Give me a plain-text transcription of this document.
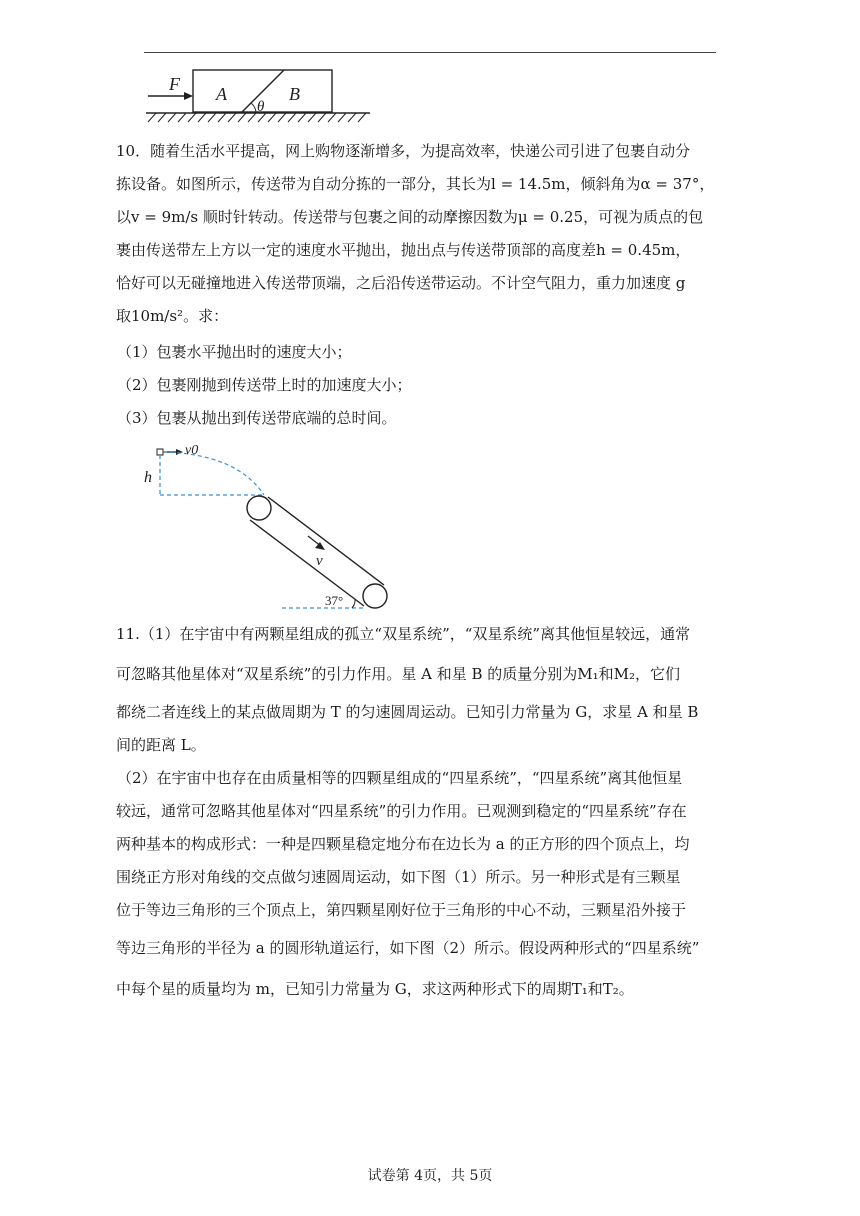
F A	B
θ
10．随着生活水平提高，网上购物逐渐增多，为提高效率，快递公司引进了包裹自动分
拣设备。如图所示，传送带为自动分拣的一部分，其长为l = 14.5m，倾斜角为α = 37°，
以v = 9m/s 顺时针转动。传送带与包裹之间的动摩擦因数为μ = 0.25，可视为质点的包
裹由传送带左上方以一定的速度水平抛出，抛出点与传送带顶部的高度差h = 0.45m，
恰好可以无碰撞地进入传送带顶端，之后沿传送带运动。不计空气阻力，重力加速度 g
取10m/s²。求：
（1）包裹水平抛出时的速度大小；
（2）包裹刚抛到传送带上时的加速度大小；
（3）包裹从抛出到传送带底端的总时间。
v0
h
v
37°
11.（1）在宇宙中有两颗星组成的孤立“双星系统”，“双星系统”离其他恒星较远，通常
可忽略其他星体对“双星系统”的引力作用。星 A 和星 B 的质量分别为M₁和M₂，它们
都绕二者连线上的某点做周期为 T 的匀速圆周运动。已知引力常量为 G，求星 A 和星 B
间的距离 L。
（2）在宇宙中也存在由质量相等的四颗星组成的“四星系统”，“四星系统”离其他恒星
较远，通常可忽略其他星体对“四星系统”的引力作用。已观测到稳定的“四星系统”存在
两种基本的构成形式：一种是四颗星稳定地分布在边长为 a 的正方形的四个顶点上，均
围绕正方形对角线的交点做匀速圆周运动，如下图（1）所示。另一种形式是有三颗星
位于等边三角形的三个顶点上，第四颗星刚好位于三角形的中心不动，三颗星沿外接于
等边三角形的半径为 a 的圆形轨道运行，如下图（2）所示。假设两种形式的“四星系统”
中每个星的质量均为 m，已知引力常量为 G，求这两种形式下的周期T₁和T₂。
试卷第 4页，共 5页
